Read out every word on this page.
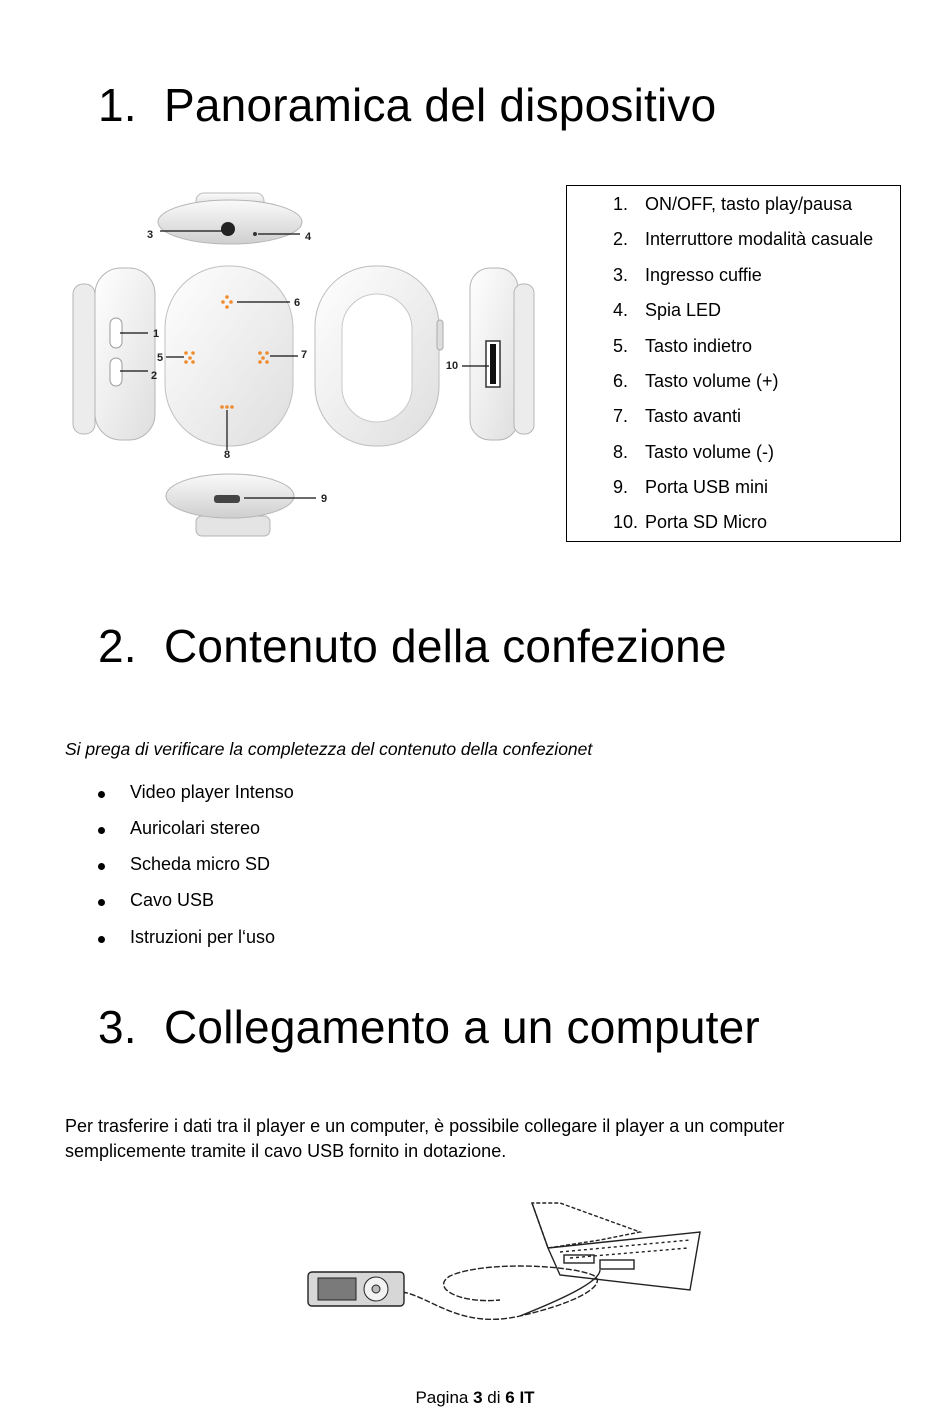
1. Panoramica del dispositivo
3	4
1
2
5
6
7
8
9
10
1. ON/OFF, tasto play/pausa
2. Interruttore modalità casuale
3. Ingresso cuffie
4. Spia LED
5. Tasto indietro
6. Tasto volume (+)
7. Tasto avanti
8. Tasto volume (-)
9. Porta USB mini
10. Porta SD Micro
2. Contenuto della confezione
Si prega di verificare la completezza del contenuto della confezionet
Video player Intenso
Auricolari stereo
Scheda micro SD
Cavo USB
Istruzioni per l‘uso
3. Collegamento a un computer
Per trasferire i dati tra il player e un computer, è possibile collegare il player a un computer semplicemente tramite il cavo USB fornito in dotazione.
Pagina 3 di 6 IT
